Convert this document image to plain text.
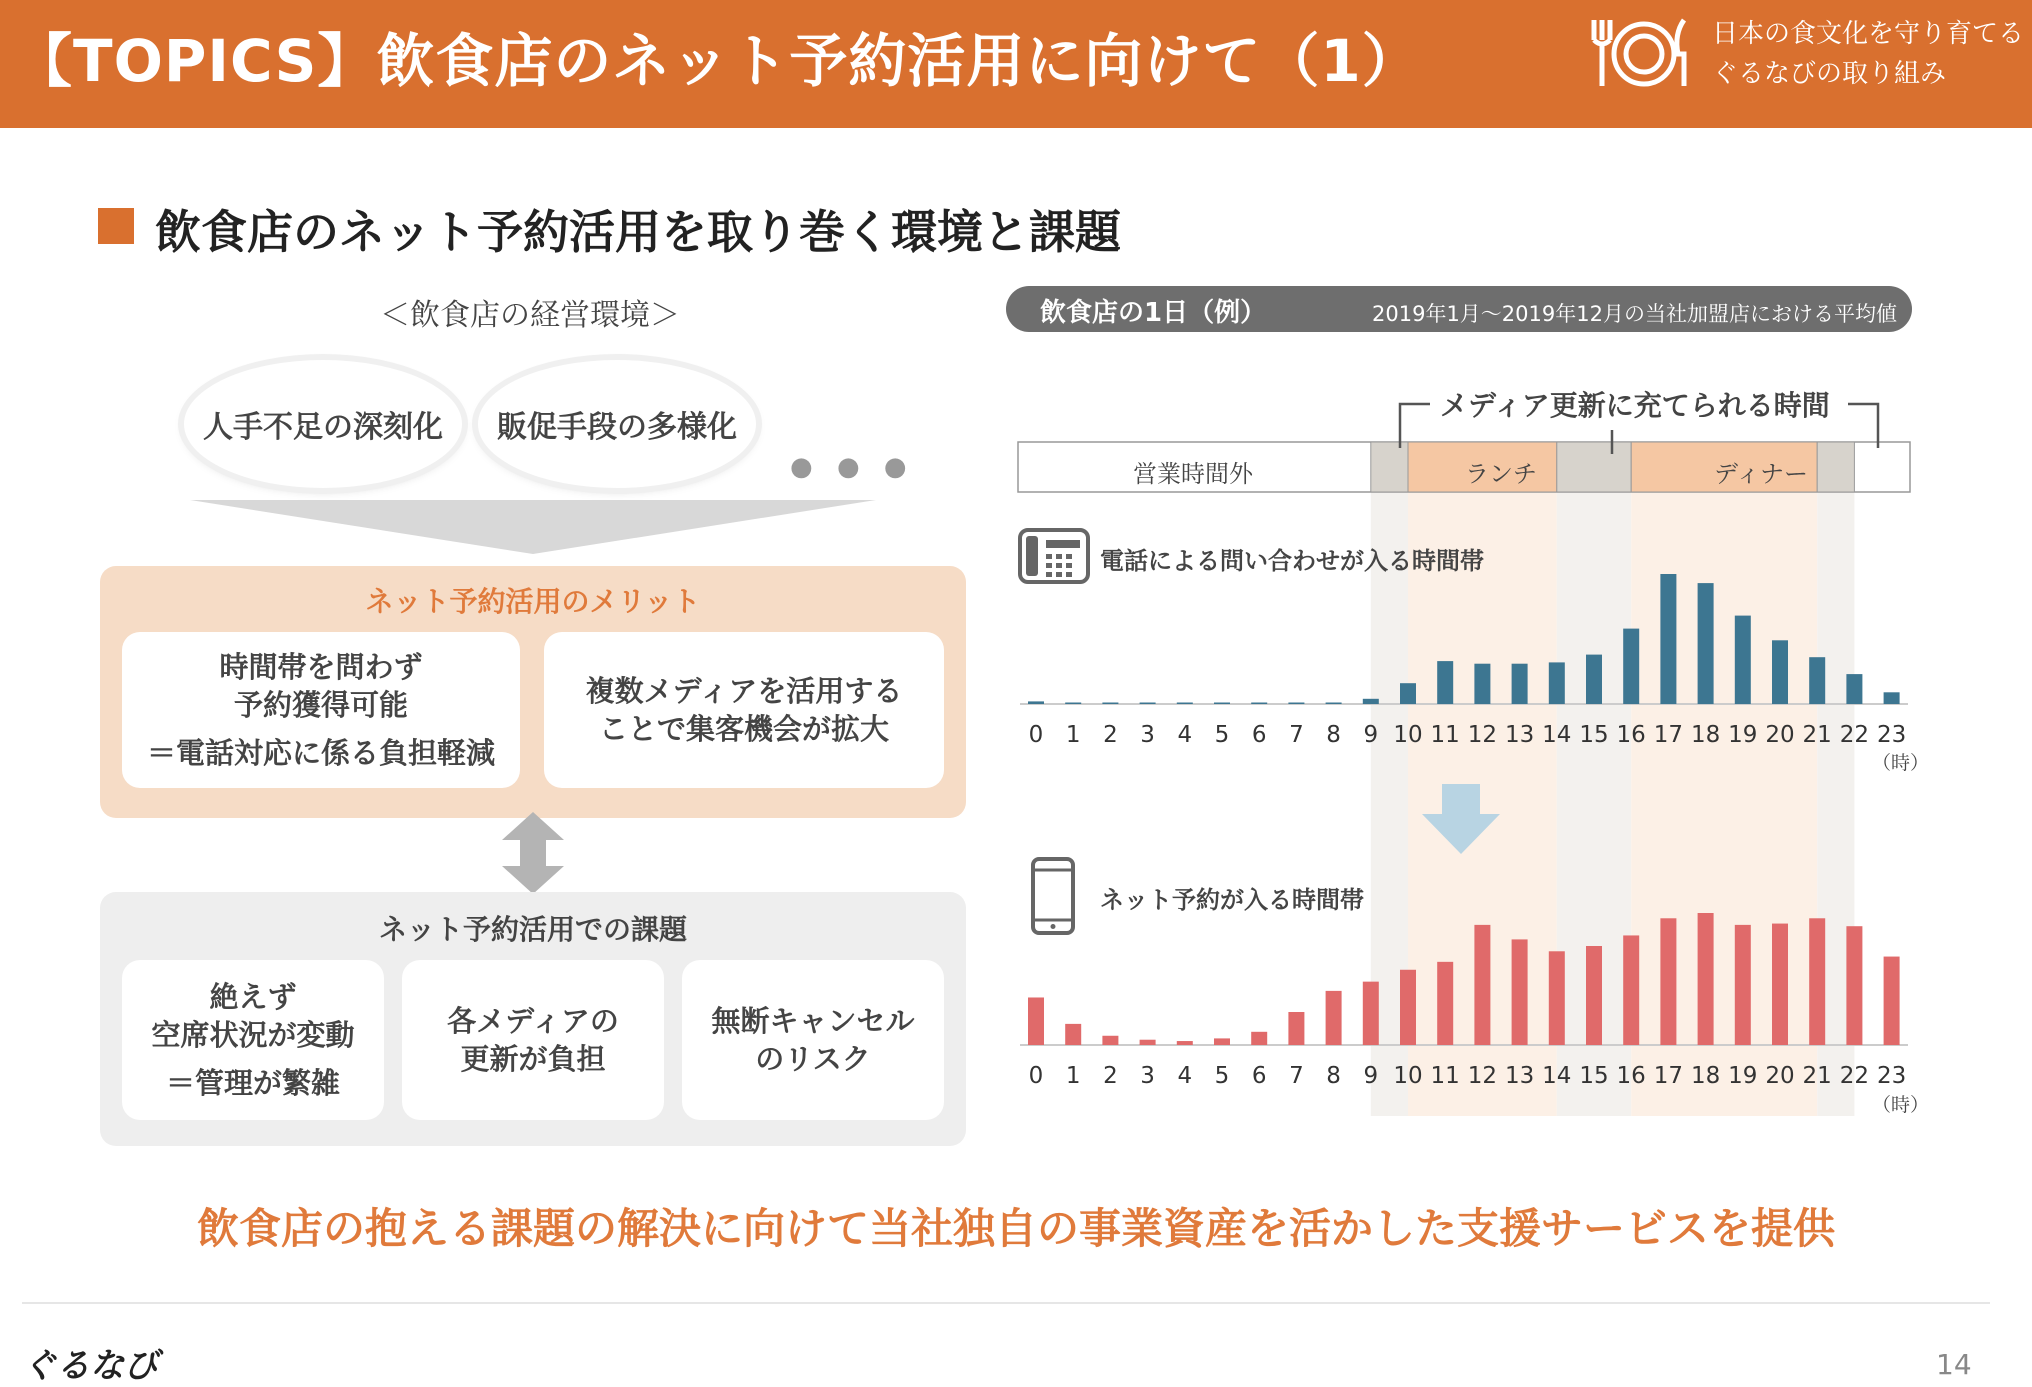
【TOPICS】飲食店のネット予約活用に向けて（1）	日本の食文化を守り育てる
ぐるなびの取り組み
飲食店のネット予約活用を取り巻く環境と課題
＜飲食店の経営環境＞
人手不足の深刻化	販促手段の多様化
● ● ●
ネット予約活用のメリット
時間帯を問わず
予約獲得可能
＝電話対応に係る負担軽減
複数メディアを活用する
ことで集客機会が拡大
ネット予約活用での課題
絶えず
空席状況が変動
＝管理が繁雑
各メディアの
更新が負担
無断キャンセル
のリスク
飲食店の1日（例）	2019年1月～2019年12月の当社加盟店における平均値
メディア更新に充てられる時間
営業時間外	ランチ	ディナー
電話による問い合わせが入る時間帯
ネット予約が入る時間帯
0 1 2 3 4 5 6 7 8 9 10 11 12 13 14 15 16 17 18 19 20 21 22 23
0 1 2 3 4 5 6 7 8 9 10 11 12 13 14 15 16 17 18 19 20 21 22 23
（時）
（時）
飲食店の抱える課題の解決に向けて当社独自の事業資産を活かした支援サービスを提供
ぐるなび	14
